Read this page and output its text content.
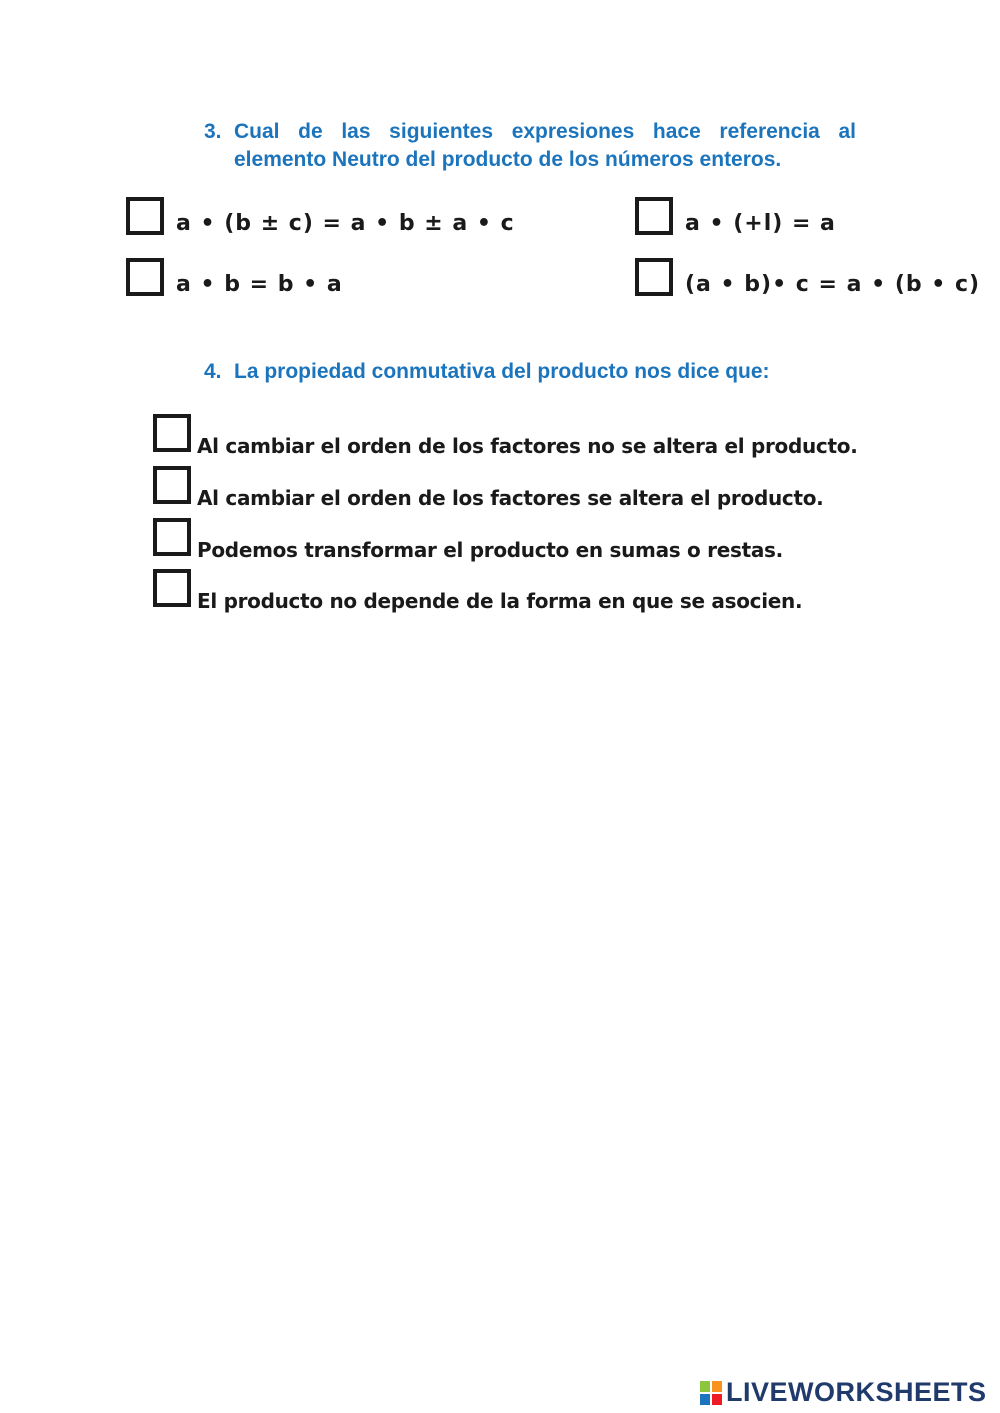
3. Cual de las siguientes expresiones hace referencia al
elemento Neutro del producto de los números enteros.
a • (b ± c) = a • b ± a • c	a • (+l) = a
a • b = b • a	(a • b)• c = a • (b • c)
4. La propiedad conmutativa del producto nos dice que:
Al cambiar el orden de los factores no se altera el producto.
Al cambiar el orden de los factores se altera el producto.
Podemos transformar el producto en sumas o restas.
El producto no depende de la forma en que se asocien.
LIVEWORKSHEETS
